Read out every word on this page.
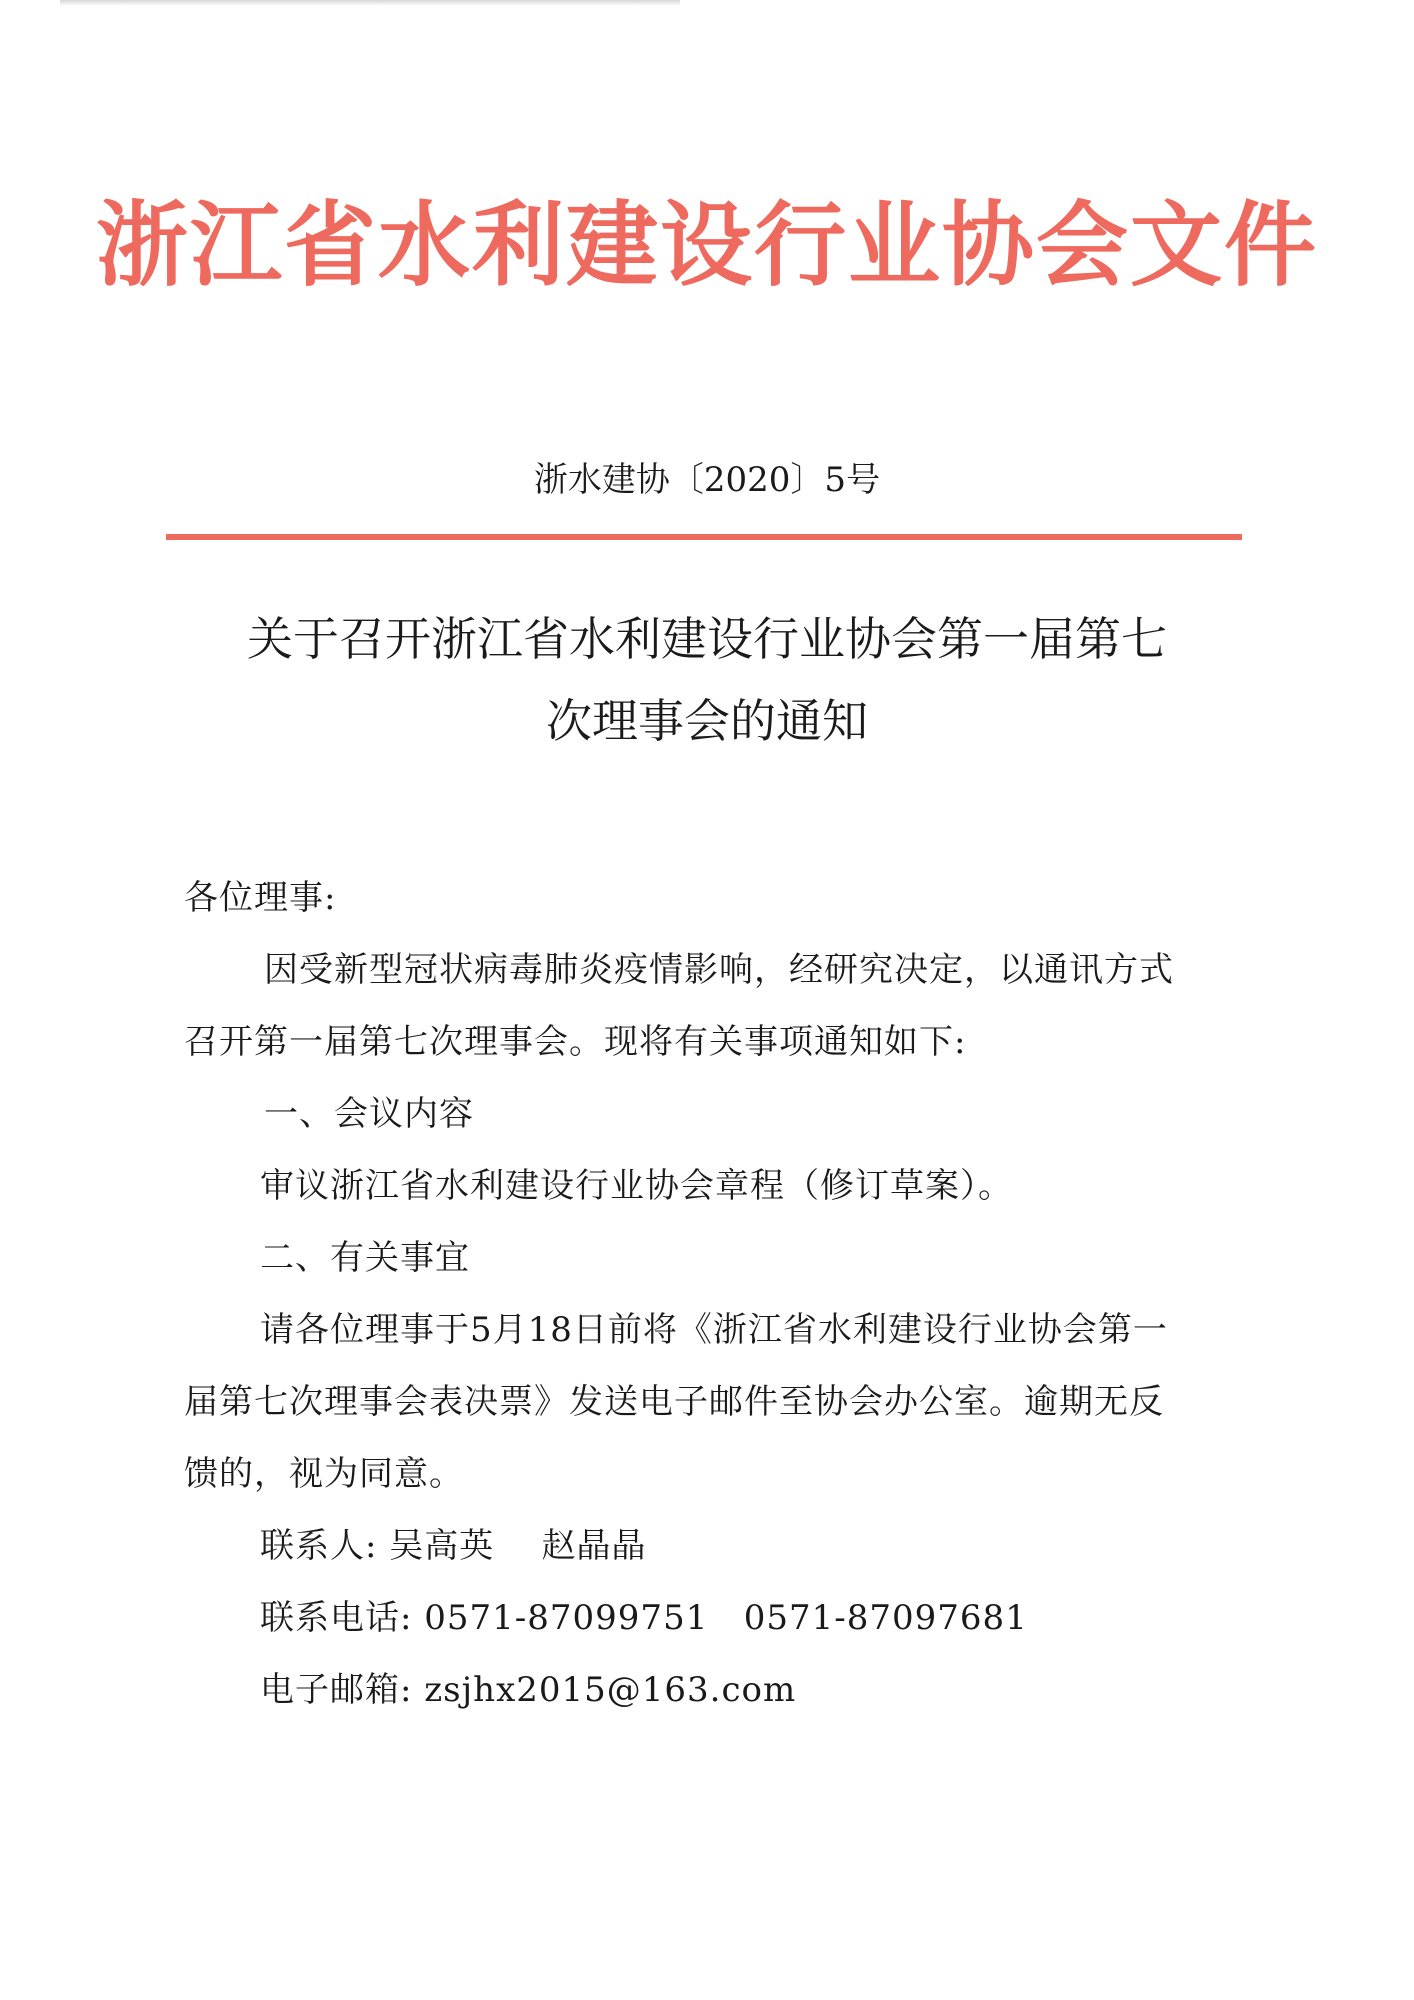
浙江省水利建设行业协会文件
浙水建协〔2020〕5号
关于召开浙江省水利建设行业协会第一届第七
次理事会的通知
各位理事:
因受新型冠状病毒肺炎疫情影响，经研究决定，以通讯方式
召开第一届第七次理事会。现将有关事项通知如下:
一、会议内容
审议浙江省水利建设行业协会章程（修订草案）。
二、有关事宜
请各位理事于5月18日前将《浙江省水利建设行业协会第一
届第七次理事会表决票》发送电子邮件至协会办公室。逾期无反
馈的，视为同意。
联系人: 吴高英    赵晶晶
联系电话: 0571-87099751   0571-87097681
电子邮箱: zsjhx2015@163.com
